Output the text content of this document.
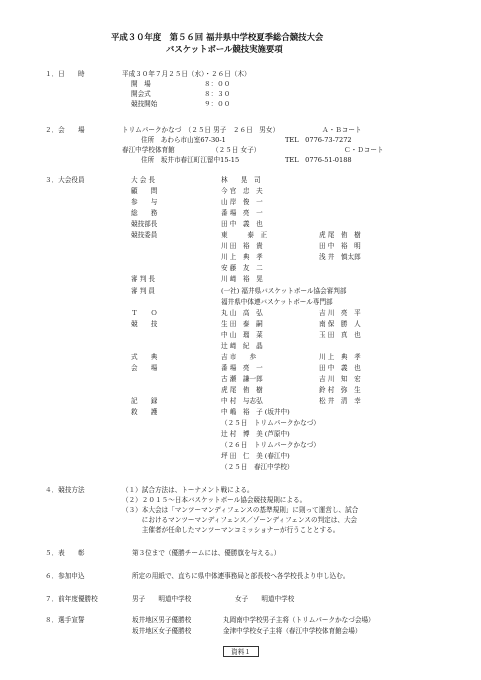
平成３０年度　第５６回 福井県中学校夏季総合競技大会
バスケットボール競技実施要項
１．日　　時	平成３０年７月２５日（水）・２６日（木）
開　場	８：００
開会式	８：３０
競技開始	９：００
２．会　　場	トリムパークかなづ　（２５日 男子　２６日　男女）	Ａ・Ｂコート
住所　あわら市山室67-30-1	TEL　0776-73-7272
春江中学校体育館	（２５日 女子）	Ｃ・Ｄコート
住所　坂井市春江町江留中15-15	TEL　0776-51-0188
３．大会役員	大 会 長	林　　晃　司
顧　　問	今 官　忠　夫
参　　与	山 岸　俊　一
総　　務	番 場　亮　一
競技部長	田 中　義　也
競技委員	東　　　泰　正	虎 尾　侑　樹
川 田　裕　貴	田 中　裕　明
川 上　典　孝	浅 井　慎太郎
安 藤　友　二
審 判 長	川 﨑　裕　晃
審 判 員	(一社) 福井県バスケットボール協会審判部
福井県中体連バスケットボール専門部
Ｔ　　Ｏ	丸 山　高　弘	吉 川　亮　平
競　　技	生 田　泰　嗣	南 保　勝　人
中 山　瑠　菜	玉 田　真　也
辻 﨑　紀　晶
式　　典	吉 市　　歩	川 上　典　孝
会　　場	番 場　亮　一	田 中　義　也
古 瀬　謙一郎	吉 川　知　宏
虎 尾　侑　樹	鈴 村　弥　生
記　　録	中 村　与志弘	松 井　清　幸
救　　護	中 嶋　裕　子 (坂井中)
（２５日　トリムパークかなづ）
辻 村　博　美 (芦原中)
（２６日　トリムパークかなづ）
坪 田　仁　美 (春江中)
（２５日　春江中学校）
４．競技方法	（１）試合方法は、トーナメント戦による。
（２）２０１５～日本バスケットボール協会競技規則による。
（３）本大会は「マンツーマンディフェンスの基準規則」に則って運営し、試合
　　　におけるマンツーマンディフェンス／ゾーンディフェンスの判定は、大会
　　　主催者が任命したマンツーマンコミッショナーが行うこととする。
５．表　　彰	第３位まで（優勝チームには、優勝旗を与える。）
６．参加申込	所定の用紙で、直ちに県中体連事務局と部長校へ各学校長より申し込む。
７．前年度優勝校	男子　　明道中学校	女子　　明道中学校
８．選手宣誓	坂井地区男子優勝校	丸岡南中学校男子主将（トリムパークかなづ会場）
坂井地区女子優勝校	金津中学校女子主将（春江中学校体育館会場）
資料１
